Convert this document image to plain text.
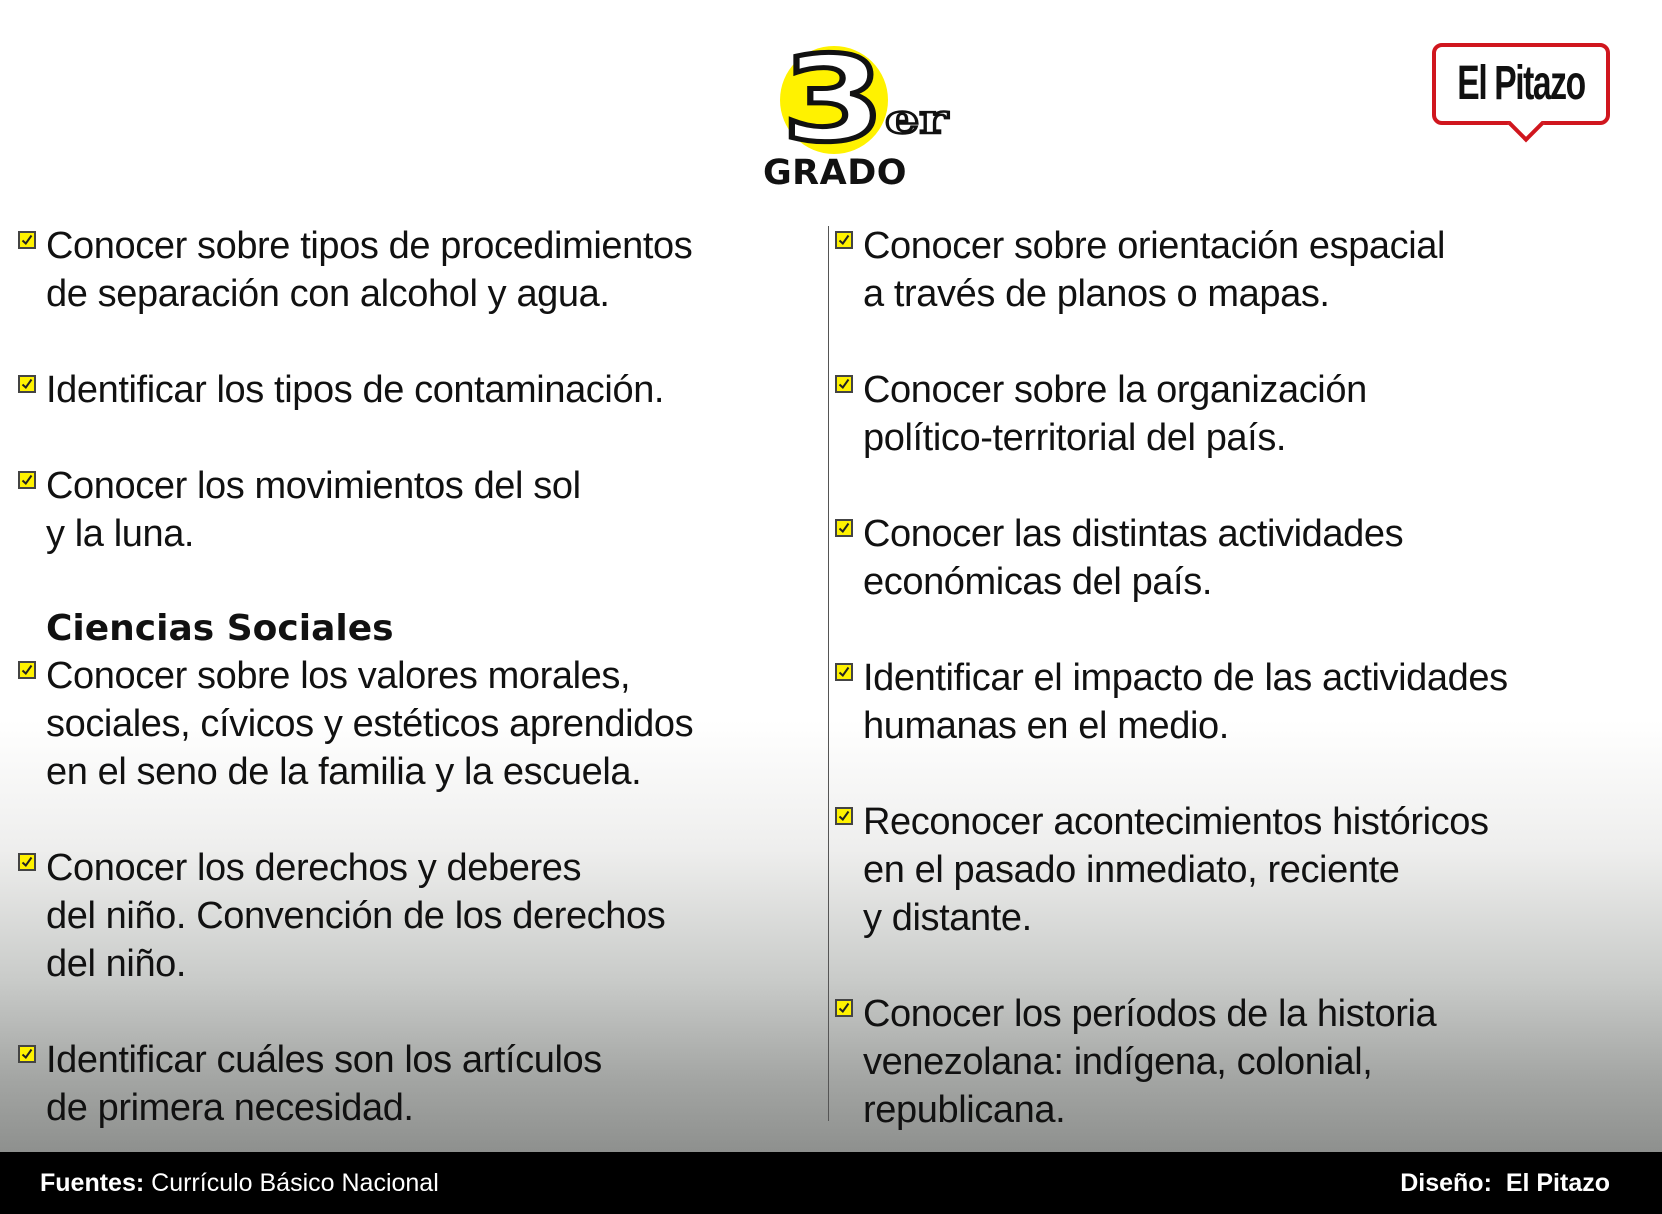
3 er
GRADO
El Pitazo
Conocer sobre tipos de procedimientos
de separación con alcohol y agua.
Identificar los tipos de contaminación.
Conocer los movimientos del sol
y la luna.
Ciencias Sociales
Conocer sobre los valores morales,
sociales, cívicos y estéticos aprendidos
en el seno de la familia y la escuela.
Conocer los derechos y deberes
del niño. Convención de los derechos
del niño.
Identificar cuáles son los artículos
de primera necesidad.
Conocer sobre orientación espacial
a través de planos o mapas.
Conocer sobre la organización
político-territorial del país.
Conocer las distintas actividades
económicas del país.
Identificar el impacto de las actividades
humanas en el medio.
Reconocer acontecimientos históricos
en el pasado inmediato, reciente
y distante.
Conocer los períodos de la historia
venezolana: indígena, colonial,
republicana.
Fuentes: Currículo Básico Nacional	Diseño: El Pitazo
